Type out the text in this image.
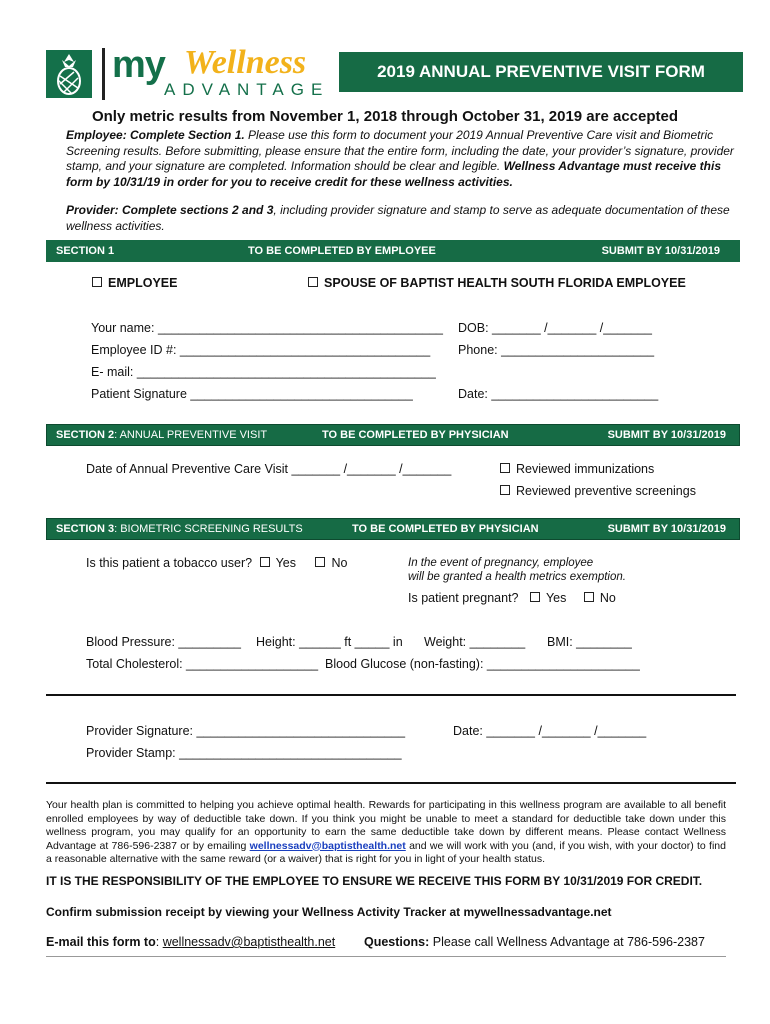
my Wellness
ADVANTAGE
2019 ANNUAL PREVENTIVE VISIT FORM
Only metric results from November 1, 2018 through October 31, 2019 are accepted
Employee: Complete Section 1. Please use this form to document your 2019 Annual Preventive Care visit and Biometric Screening results. Before submitting, please ensure that the entire form, including the date, your provider’s signature, provider stamp, and your signature are completed. Information should be clear and legible. Wellness Advantage must receive this form by 10/31/19 in order for you to receive credit for these wellness activities.
Provider: Complete sections 2 and 3, including provider signature and stamp to serve as adequate documentation of these wellness activities.
SECTION 1	TO BE COMPLETED BY EMPLOYEE	SUBMIT BY 10/31/2019
EMPLOYEE	SPOUSE OF BAPTIST HEALTH SOUTH FLORIDA EMPLOYEE
Your name: _________________________________________ DOB: _______ /_______ /_______
Employee ID #: ____________________________________ Phone: ______________________
E- mail: ___________________________________________
Patient Signature ________________________________	Date: ________________________
SECTION 2: ANNUAL PREVENTIVE VISIT	TO BE COMPLETED BY PHYSICIAN	SUBMIT BY 10/31/2019
Date of Annual Preventive Care Visit _______ /_______ /_______	Reviewed immunizations
Reviewed preventive screenings
SECTION 3: BIOMETRIC SCREENING RESULTS	TO BE COMPLETED BY PHYSICIAN	SUBMIT BY 10/31/2019
Is this patient a tobacco user? Yes	No	In the event of pregnancy, employee
will be granted a health metrics exemption.
Is patient pregnant? Yes	No
Blood Pressure: _________ Height: ______ ft _____ in Weight: ________ BMI: ________
Total Cholesterol: ___________________ Blood Glucose (non-fasting): ______________________
Provider Signature: ______________________________	Date: _______ /_______ /_______
Provider Stamp: ________________________________
Your health plan is committed to helping you achieve optimal health. Rewards for participating in this wellness program are available to all benefit enrolled employees by way of deductible take down. If you think you might be unable to meet a standard for deductible take down under this wellness program, you may qualify for an opportunity to earn the same deductible take down by different means. Please contact Wellness Advantage at 786-596-2387 or by emailing wellnessadv@baptisthealth.net and we will work with you (and, if you wish, with your doctor) to find a reasonable alternative with the same reward (or a waiver) that is right for you in light of your health status.
IT IS THE RESPONSIBILITY OF THE EMPLOYEE TO ENSURE WE RECEIVE THIS FORM BY 10/31/2019 FOR CREDIT.
Confirm submission receipt by viewing your Wellness Activity Tracker at mywellnessadvantage.net
E-mail this form to: wellnessadv@baptisthealth.net Questions: Please call Wellness Advantage at 786-596-2387
